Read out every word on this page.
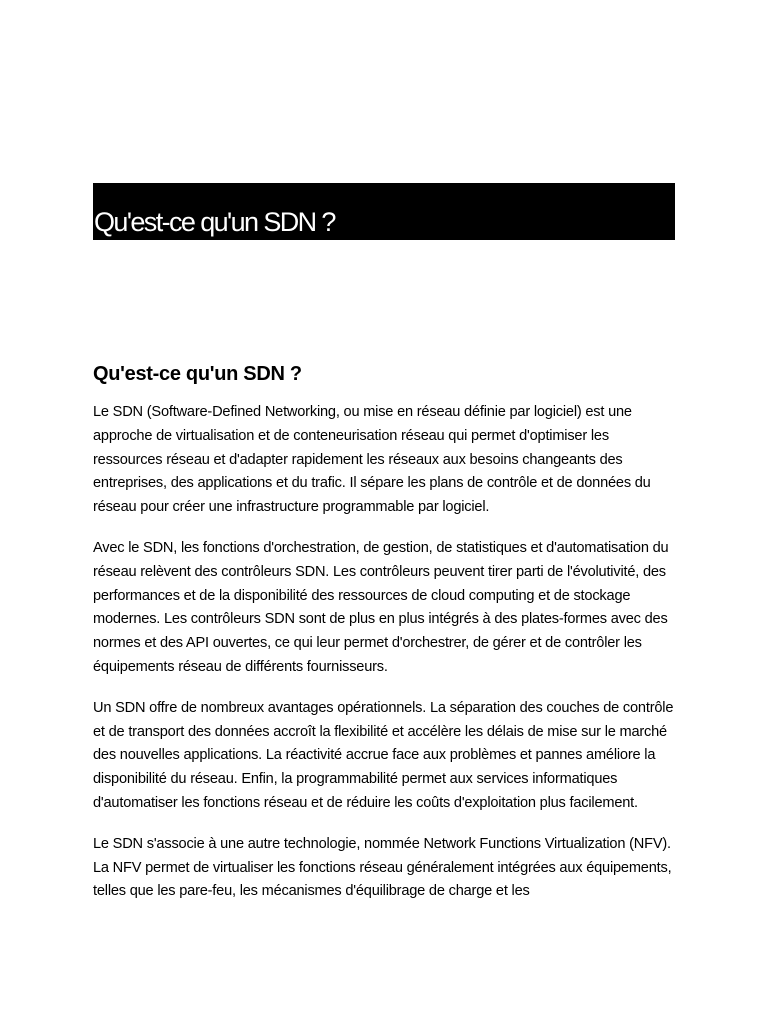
Qu'est-ce qu'un SDN ?
Qu'est-ce qu'un SDN ?

Le SDN (Software-Defined Networking, ou mise en réseau définie par logiciel) est une approche de virtualisation et de conteneurisation réseau qui permet d'optimiser les ressources réseau et d'adapter rapidement les réseaux aux besoins changeants des entreprises, des applications et du trafic. Il sépare les plans de contrôle et de données du réseau pour créer une infrastructure programmable par logiciel.

Avec le SDN, les fonctions d'orchestration, de gestion, de statistiques et d'automatisation du réseau relèvent des contrôleurs SDN. Les contrôleurs peuvent tirer parti de l'évolutivité, des performances et de la disponibilité des ressources de cloud computing et de stockage modernes. Les contrôleurs SDN sont de plus en plus intégrés à des plates-formes avec des normes et des API ouvertes, ce qui leur permet d'orchestrer, de gérer et de contrôler les équipements réseau de différents fournisseurs.

Un SDN offre de nombreux avantages opérationnels. La séparation des couches de contrôle et de transport des données accroît la flexibilité et accélère les délais de mise sur le marché des nouvelles applications. La réactivité accrue face aux problèmes et pannes améliore la disponibilité du réseau. Enfin, la programmabilité permet aux services informatiques d'automatiser les fonctions réseau et de réduire les coûts d'exploitation plus facilement.

Le SDN s'associe à une autre technologie, nommée Network Functions Virtualization (NFV). La NFV permet de virtualiser les fonctions réseau généralement intégrées aux équipements, telles que les pare-feu, les mécanismes d'équilibrage de charge et les
